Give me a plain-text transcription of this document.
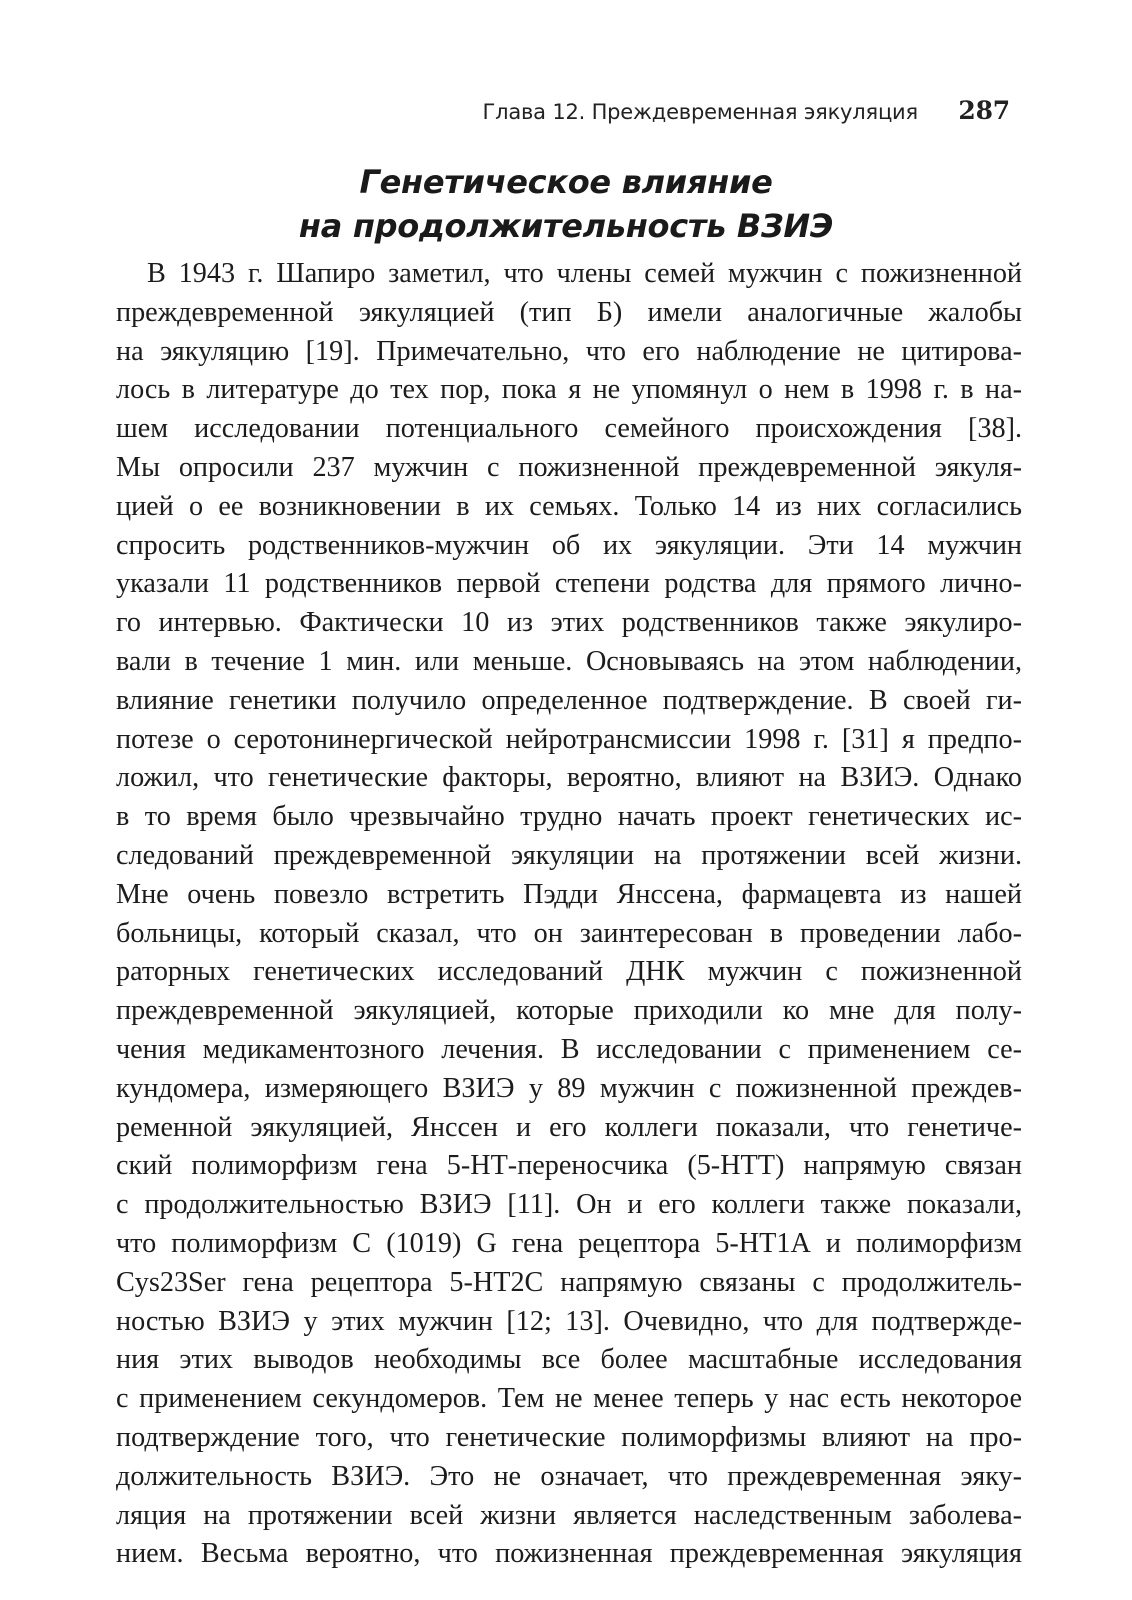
Глава 12. Преждевременная эякуляция 287
Генетическое влияние
на продолжительность ВЗИЭ
В 1943 г. Шапиро заметил, что члены семей мужчин с пожизненной
преждевременной эякуляцией (тип Б) имели аналогичные жалобы
на эякуляцию [19]. Примечательно, что его наблюдение не цитирова-
лось в литературе до тех пор, пока я не упомянул о нем в 1998 г. в на-
шем исследовании потенциального семейного происхождения [38].
Мы опросили 237 мужчин с пожизненной преждевременной эякуля-
цией о ее возникновении в их семьях. Только 14 из них согласились
спросить родственников-мужчин об их эякуляции. Эти 14 мужчин
указали 11 родственников первой степени родства для прямого лично-
го интервью. Фактически 10 из этих родственников также эякулиро-
вали в течение 1 мин. или меньше. Основываясь на этом наблюдении,
влияние генетики получило определенное подтверждение. В своей ги-
потезе о серотонинергической нейротрансмиссии 1998 г. [31] я предпо-
ложил, что генетические факторы, вероятно, влияют на ВЗИЭ. Однако
в то время было чрезвычайно трудно начать проект генетических ис-
следований преждевременной эякуляции на протяжении всей жизни.
Мне очень повезло встретить Пэдди Янссена, фармацевта из нашей
больницы, который сказал, что он заинтересован в проведении лабо-
раторных генетических исследований ДНК мужчин с пожизненной
преждевременной эякуляцией, которые приходили ко мне для полу-
чения медикаментозного лечения. В исследовании с применением се-
кундомера, измеряющего ВЗИЭ у 89 мужчин с пожизненной преждев-
ременной эякуляцией, Янссен и его коллеги показали, что генетиче-
ский полиморфизм гена 5-НТ-переносчика (5-НТТ) напрямую связан
с продолжительностью ВЗИЭ [11]. Он и его коллеги также показали,
что полиморфизм С (1019) G гена рецептора 5-НТ1А и полиморфизм
Cys23Ser гена рецептора 5-НТ2С напрямую связаны с продолжитель-
ностью ВЗИЭ у этих мужчин [12; 13]. Очевидно, что для подтвержде-
ния этих выводов необходимы все более масштабные исследования
с применением секундомеров. Тем не менее теперь у нас есть некоторое
подтверждение того, что генетические полиморфизмы влияют на про-
должительность ВЗИЭ. Это не означает, что преждевременная эяку-
ляция на протяжении всей жизни является наследственным заболева-
нием. Весьма вероятно, что пожизненная преждевременная эякуляция
